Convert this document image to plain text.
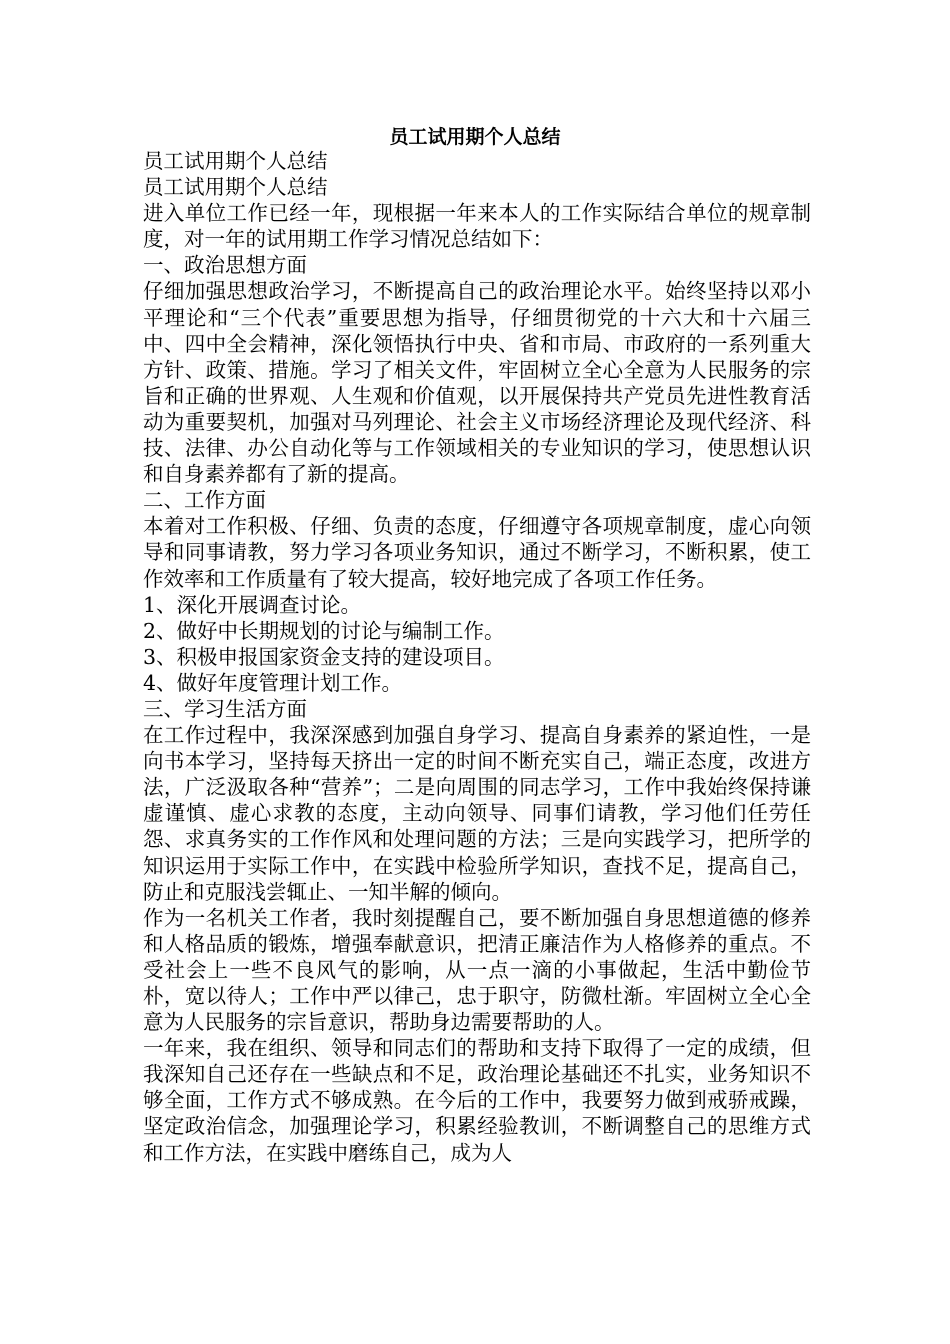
员工试用期个人总结

员工试用期个人总结

员工试用期个人总结

进入单位工作已经一年，现根据一年来本人的工作实际结合单位的规章制度，对一年的试用期工作学习情况总结如下：

一、政治思想方面

仔细加强思想政治学习，不断提高自己的政治理论水平。始终坚持以邓小平理论和“三个代表”重要思想为指导，仔细贯彻党的十六大和十六届三中、四中全会精神，深化领悟执行中央、省和市局、市政府的一系列重大方针、政策、措施。学习了相关文件，牢固树立全心全意为人民服务的宗旨和正确的世界观、人生观和价值观，以开展保持共产党员先进性教育活动为重要契机，加强对马列理论、社会主义市场经济理论及现代经济、科技、法律、办公自动化等与工作领域相关的专业知识的学习，使思想认识和自身素养都有了新的提高。

二、工作方面

本着对工作积极、仔细、负责的态度，仔细遵守各项规章制度，虚心向领导和同事请教，努力学习各项业务知识，通过不断学习，不断积累，使工作效率和工作质量有了较大提高，较好地完成了各项工作任务。

1、深化开展调查讨论。

2、做好中长期规划的讨论与编制工作。

3、积极申报国家资金支持的建设项目。

4、做好年度管理计划工作。

三、学习生活方面

在工作过程中，我深深感到加强自身学习、提高自身素养的紧迫性，一是向书本学习，坚持每天挤出一定的时间不断充实自己，端正态度，改进方法，广泛汲取各种“营养”；二是向周围的同志学习，工作中我始终保持谦虚谨慎、虚心求教的态度，主动向领导、同事们请教，学习他们任劳任怨、求真务实的工作作风和处理问题的方法；三是向实践学习，把所学的知识运用于实际工作中，在实践中检验所学知识，查找不足，提高自己，防止和克服浅尝辄止、一知半解的倾向。

作为一名机关工作者，我时刻提醒自己，要不断加强自身思想道德的修养和人格品质的锻炼，增强奉献意识，把清正廉洁作为人格修养的重点。不受社会上一些不良风气的影响，从一点一滴的小事做起，生活中勤俭节朴，宽以待人；工作中严以律己，忠于职守，防微杜渐。牢固树立全心全意为人民服务的宗旨意识，帮助身边需要帮助的人。

一年来，我在组织、领导和同志们的帮助和支持下取得了一定的成绩，但我深知自己还存在一些缺点和不足，政治理论基础还不扎实，业务知识不够全面，工作方式不够成熟。在今后的工作中，我要努力做到戒骄戒躁，坚定政治信念，加强理论学习，积累经验教训，不断调整自己的思维方式和工作方法，在实践中磨练自己，成为人
